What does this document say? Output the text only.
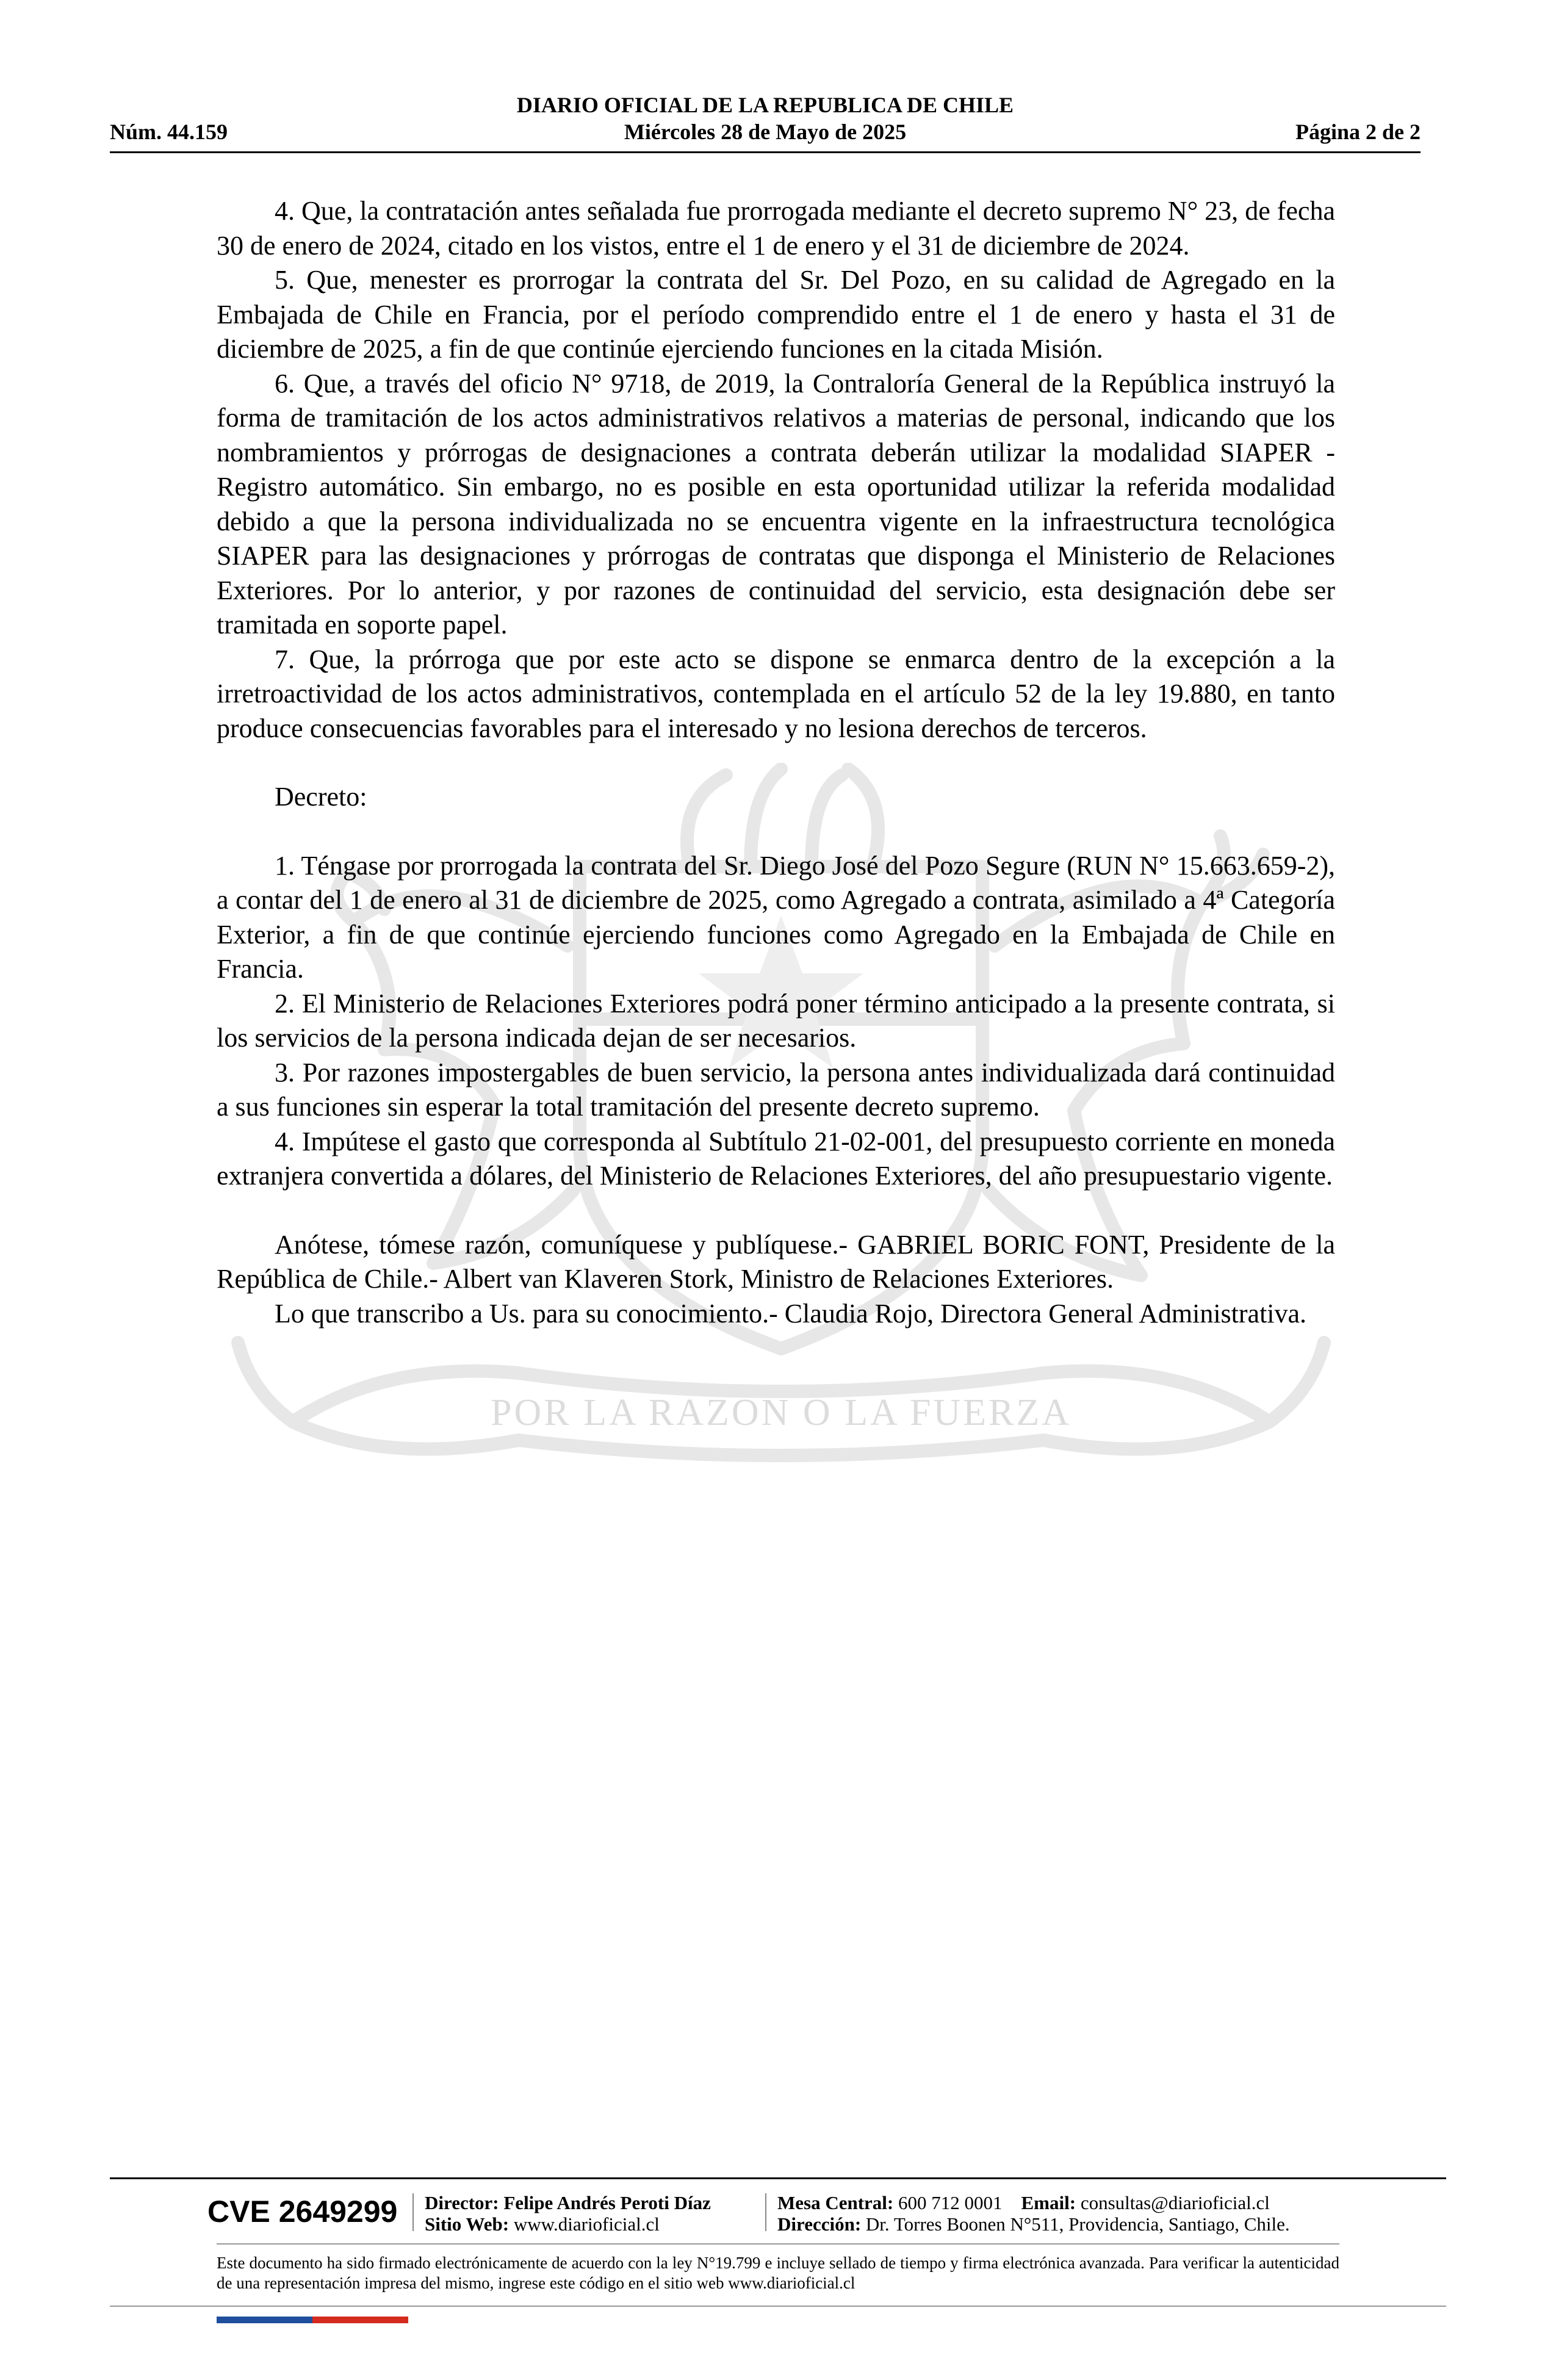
DIARIO OFICIAL DE LA REPUBLICA DE CHILE
Núm. 44.159	Miércoles 28 de Mayo de 2025	Página 2 de 2
POR LA RAZON O LA FUERZA

4. Que, la contratación antes señalada fue prorrogada mediante el decreto supremo N° 23, de fecha 30 de enero de 2024, citado en los vistos, entre el 1 de enero y el 31 de diciembre de 2024.

5. Que, menester es prorrogar la contrata del Sr. Del Pozo, en su calidad de Agregado en la Embajada de Chile en Francia, por el período comprendido entre el 1 de enero y hasta el 31 de diciembre de 2025, a fin de que continúe ejerciendo funciones en la citada Misión.

6. Que, a través del oficio N° 9718, de 2019, la Contraloría General de la República instruyó la forma de tramitación de los actos administrativos relativos a materias de personal, indicando que los nombramientos y prórrogas de designaciones a contrata deberán utilizar la modalidad SIAPER - Registro automático. Sin embargo, no es posible en esta oportunidad utilizar la referida modalidad debido a que la persona individualizada no se encuentra vigente en la infraestructura tecnológica SIAPER para las designaciones y prórrogas de contratas que disponga el Ministerio de Relaciones Exteriores. Por lo anterior, y por razones de continuidad del servicio, esta designación debe ser tramitada en soporte papel.

7. Que, la prórroga que por este acto se dispone se enmarca dentro de la excepción a la irretroactividad de los actos administrativos, contemplada en el artículo 52 de la ley 19.880, en tanto produce consecuencias favorables para el interesado y no lesiona derechos de terceros.

Decreto:

1. Téngase por prorrogada la contrata del Sr. Diego José del Pozo Segure (RUN N° 15.663.659-2), a contar del 1 de enero al 31 de diciembre de 2025, como Agregado a contrata, asimilado a 4ª Categoría Exterior, a fin de que continúe ejerciendo funciones como Agregado en la Embajada de Chile en Francia.

2. El Ministerio de Relaciones Exteriores podrá poner término anticipado a la presente contrata, si los servicios de la persona indicada dejan de ser necesarios.

3. Por razones impostergables de buen servicio, la persona antes individualizada dará continuidad a sus funciones sin esperar la total tramitación del presente decreto supremo.

4. Impútese el gasto que corresponda al Subtítulo 21-02-001, del presupuesto corriente en moneda extranjera convertida a dólares, del Ministerio de Relaciones Exteriores, del año presupuestario vigente.

Anótese, tómese razón, comuníquese y publíquese.- GABRIEL BORIC FONT, Presidente de la República de Chile.- Albert van Klaveren Stork, Ministro de Relaciones Exteriores.

Lo que transcribo a Us. para su conocimiento.- Claudia Rojo, Directora General Administrativa.

CVE 2649299 Director: Felipe Andrés Peroti Díaz
Sitio Web: www.diarioficial.cl
Mesa Central: 600 712 0001 Email: consultas@diarioficial.cl
Dirección: Dr. Torres Boonen N°511, Providencia, Santiago, Chile.
Este documento ha sido firmado electrónicamente de acuerdo con la ley N°19.799 e incluye sellado de tiempo y firma electrónica avanzada. Para verificar la autenticidad de una representación impresa del mismo, ingrese este código en el sitio web www.diarioficial.cl
